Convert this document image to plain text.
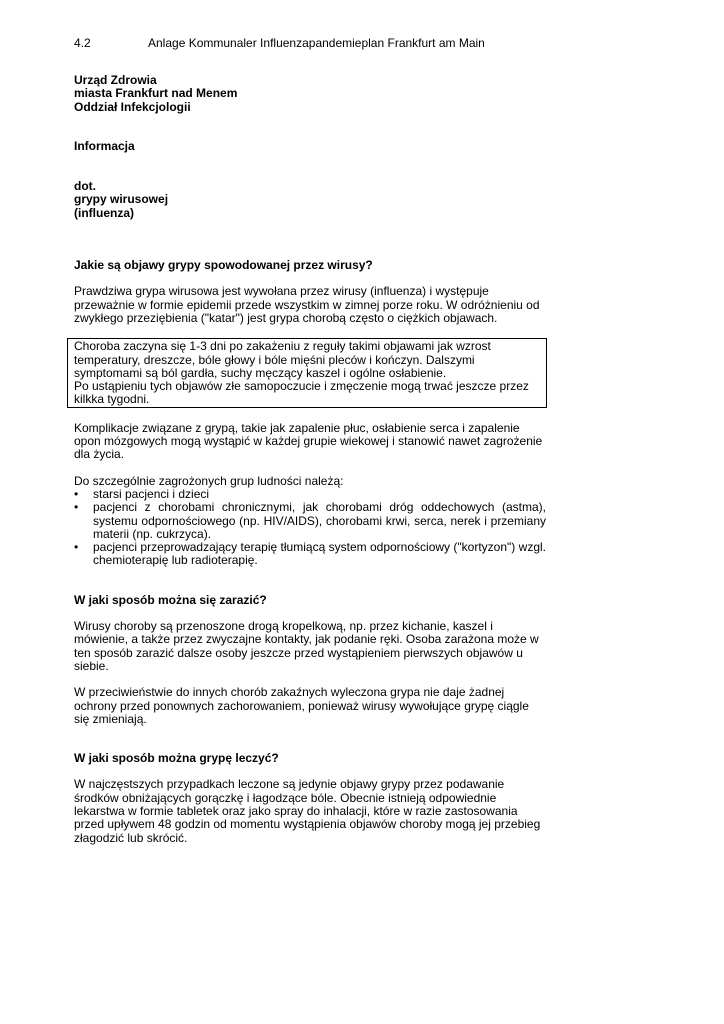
4.2	Anlage Kommunaler Influenzapandemieplan Frankfurt am Main
Urząd Zdrowia
miasta Frankfurt nad Menem
Oddział Infekcjologii
Informacja
dot.
grypy wirusowej
(influenza)
Jakie są objawy grypy spowodowanej przez wirusy?

Prawdziwa grypa wirusowa jest wywołana przez wirusy (influenza) i występuje przeważnie w formie epidemii przede wszystkim w zimnej porze roku. W odróżnieniu od zwykłego przeziębienia ("katar") jest grypa chorobą często o ciężkich objawach.

Choroba zaczyna się 1-3 dni po zakażeniu z reguły takimi objawami jak wzrost temperatury, dreszcze, bóle głowy i bóle mięśni pleców i kończyn. Dalszymi symptomami są ból gardła, suchy męczący kaszel i ogólne osłabienie.

Po ustąpieniu tych objawów złe samopoczucie i zmęczenie mogą trwać jeszcze przez kilkka tygodni.

Komplikacje związane z grypą, takie jak zapalenie płuc, osłabienie serca i zapalenie opon mózgowych mogą wystąpić w każdej grupie wiekowej i stanowić nawet zagrożenie dla życia.

Do szczególnie zagrożonych grup ludności należą:

• starsi pacjenci i dzieci
• pacjenci z chorobami chronicznymi, jak chorobami dróg oddechowych (astma), systemu odpornościowego (np. HIV/AIDS), chorobami krwi, serca, nerek i przemiany materii (np. cukrzyca).
• pacjenci przeprowadzający terapię tłumiącą system odpornościowy ("kortyzon") wzgl. chemioterapię lub radioterapię.
W jaki sposób można się zarazić?

Wirusy choroby są przenoszone drogą kropelkową, np. przez kichanie, kaszel i mówienie, a także przez zwyczajne kontakty, jak podanie ręki. Osoba zarażona może w ten sposób zarazić dalsze osoby jeszcze przed wystąpieniem pierwszych objawów u siebie.

W przeciwieństwie do innych chorób zakaźnych wyleczona grypa nie daje żadnej ochrony przed ponownych zachorowaniem, ponieważ wirusy wywołujące grypę ciągle się zmieniają.

W jaki sposób można grypę leczyć?

W najczęstszych przypadkach leczone są jedynie objawy grypy przez podawanie środków obniżających gorączkę i łagodzące bóle. Obecnie istnieją odpowiednie lekarstwa w formie tabletek oraz jako spray do inhalacji, które w razie zastosowania przed upływem 48 godzin od momentu wystąpienia objawów choroby mogą jej przebieg złagodzić lub skrócić.
